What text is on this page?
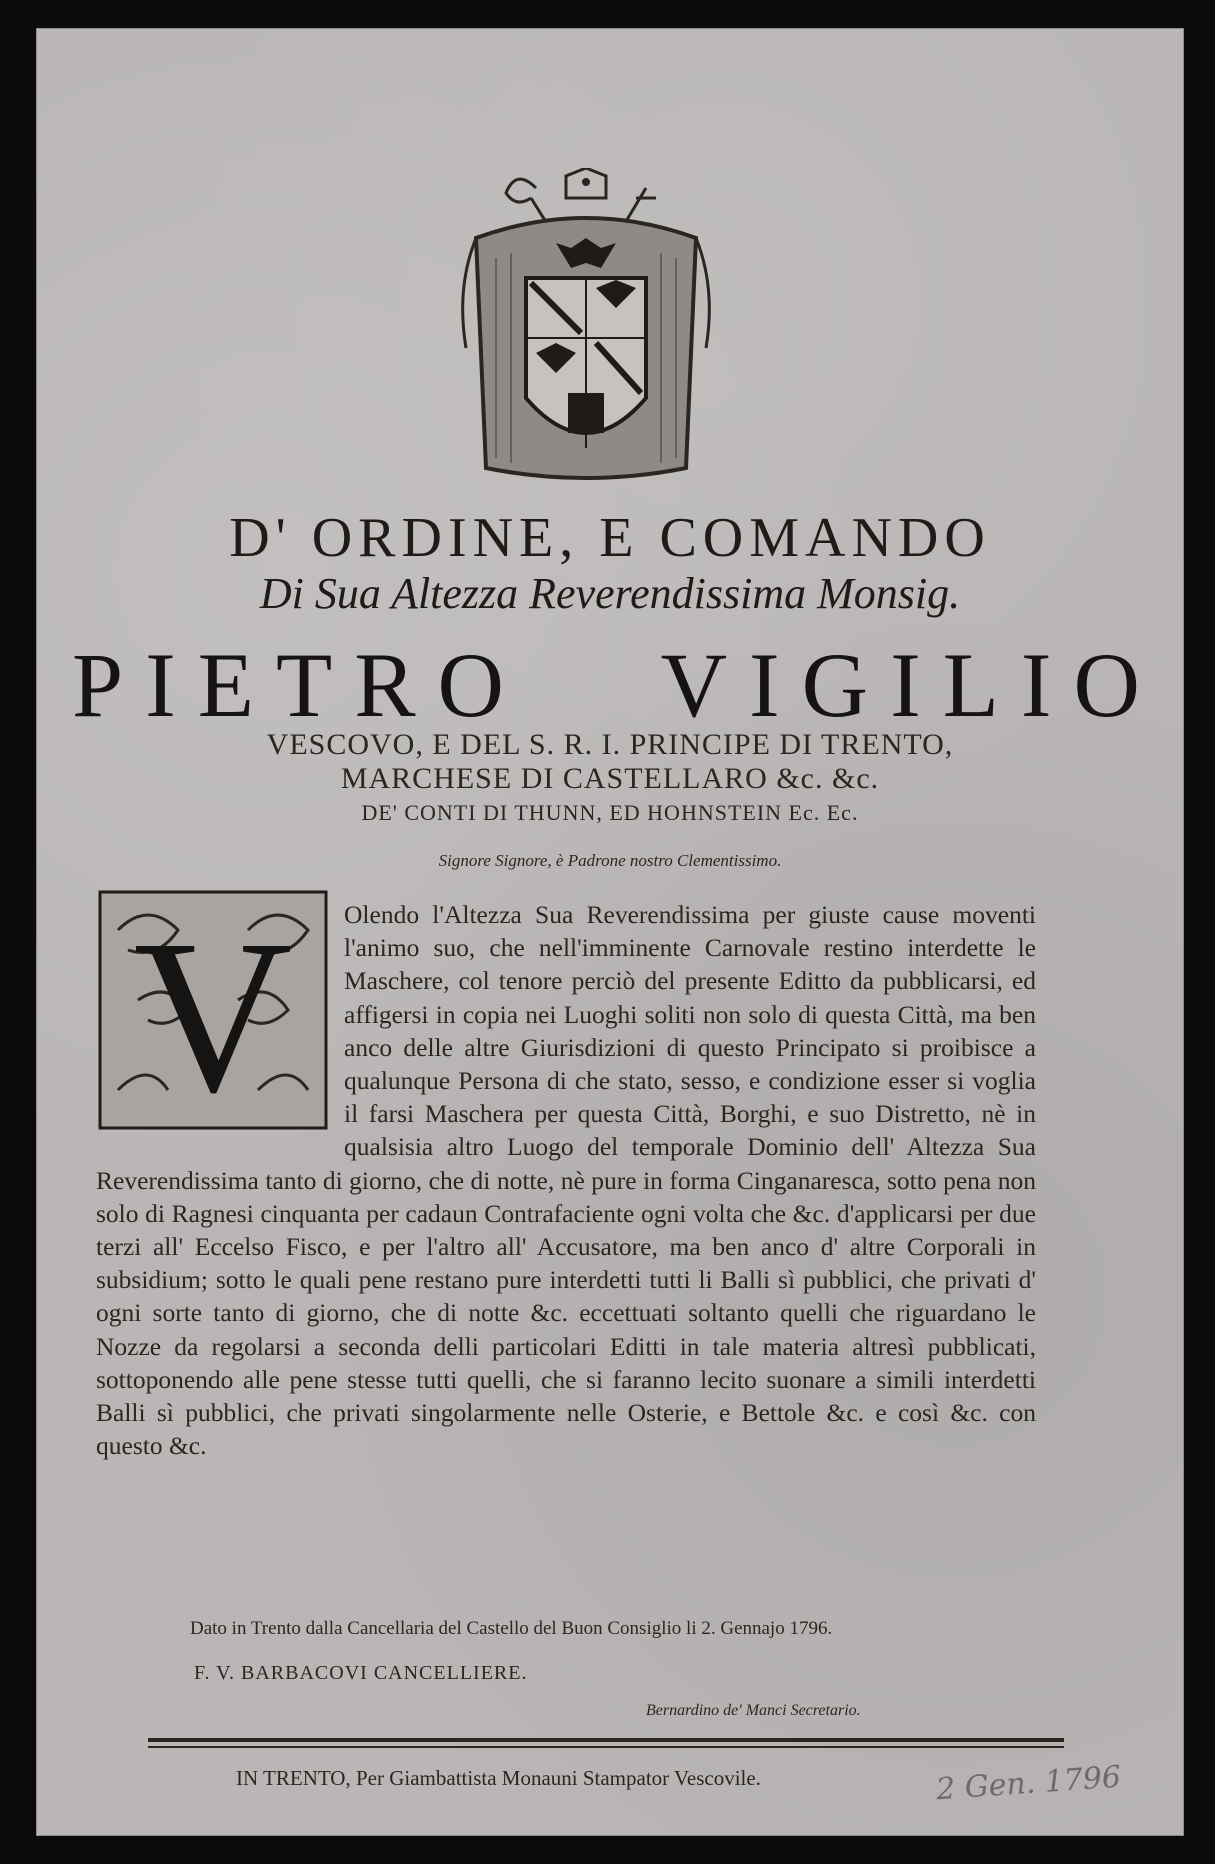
D' ORDINE, E COMANDO
Di Sua Altezza Reverendissima Monsig.
PIETRO VIGILIO
VESCOVO, E DEL S. R. I. PRINCIPE DI TRENTO,
MARCHESE DI CASTELLARO &c. &c.
DE' CONTI DI THUNN, ED HOHNSTEIN Ec. Ec.
Signore Signore, è Padrone nostro Clementissimo.
V	Olendo l'Altezza Sua Reverendissima per giuste cause moventi l'animo suo, che nell'imminente Carnovale restino interdette le Maschere, col tenore perciò del presente Editto da pubblicarsi, ed affigersi in copia nei Luoghi soliti non solo di questa Città, ma ben anco delle altre Giurisdizioni di questo Principato si proibisce a qualunque Persona di che stato, sesso, e condizione esser si voglia il farsi Maschera per questa Città, Borghi, e suo Distretto, nè in qualsisia altro Luogo del temporale Dominio dell' Altezza Sua Reverendissima tanto di giorno, che di notte, nè pure in forma Cinganaresca, sotto pena non solo di Ragnesi cinquanta per cadaun Contrafaciente ogni volta che &c. d'applicarsi per due terzi all' Eccelso Fisco, e per l'altro all' Accusatore, ma ben anco d' altre Corporali in subsidium; sotto le quali pene restano pure interdetti tutti li Balli sì pubblici, che privati d' ogni sorte tanto di giorno, che di notte &c. eccettuati soltanto quelli che riguardano le Nozze da regolarsi a seconda delli particolari Editti in tale materia altresì pubblicati, sottoponendo alle pene stesse tutti quelli, che si faranno lecito suonare a simili interdetti Balli sì pubblici, che privati singolarmente nelle Osterie, e Bettole &c. e così &c. con questo &c.
Dato in Trento dalla Cancellaria del Castello del Buon Consiglio li 2. Gennajo 1796.
F. V. BARBACOVI CANCELLIERE.
Bernardino de' Manci Secretario.
IN TRENTO, Per Giambattista Monauni Stampator Vescovile.	2 Gen. 1796
